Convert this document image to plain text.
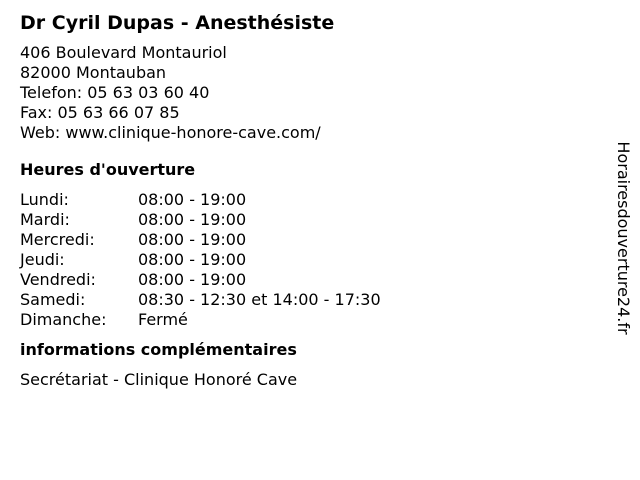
Dr Cyril Dupas - Anesthésiste
406 Boulevard Montauriol
82000 Montauban
Telefon: 05 63 03 60 40
Fax: 05 63 66 07 85
Web: www.clinique-honore-cave.com/
Heures d'ouverture
Lundi:	08:00 - 19:00
Mardi:	08:00 - 19:00
Mercredi:	08:00 - 19:00
Jeudi:	08:00 - 19:00
Vendredi:	08:00 - 19:00
Samedi:	08:30 - 12:30 et 14:00 - 17:30
Dimanche:	Fermé
informations complémentaires
Secrétariat - Clinique Honoré Cave
Horairesdouverture24.fr
